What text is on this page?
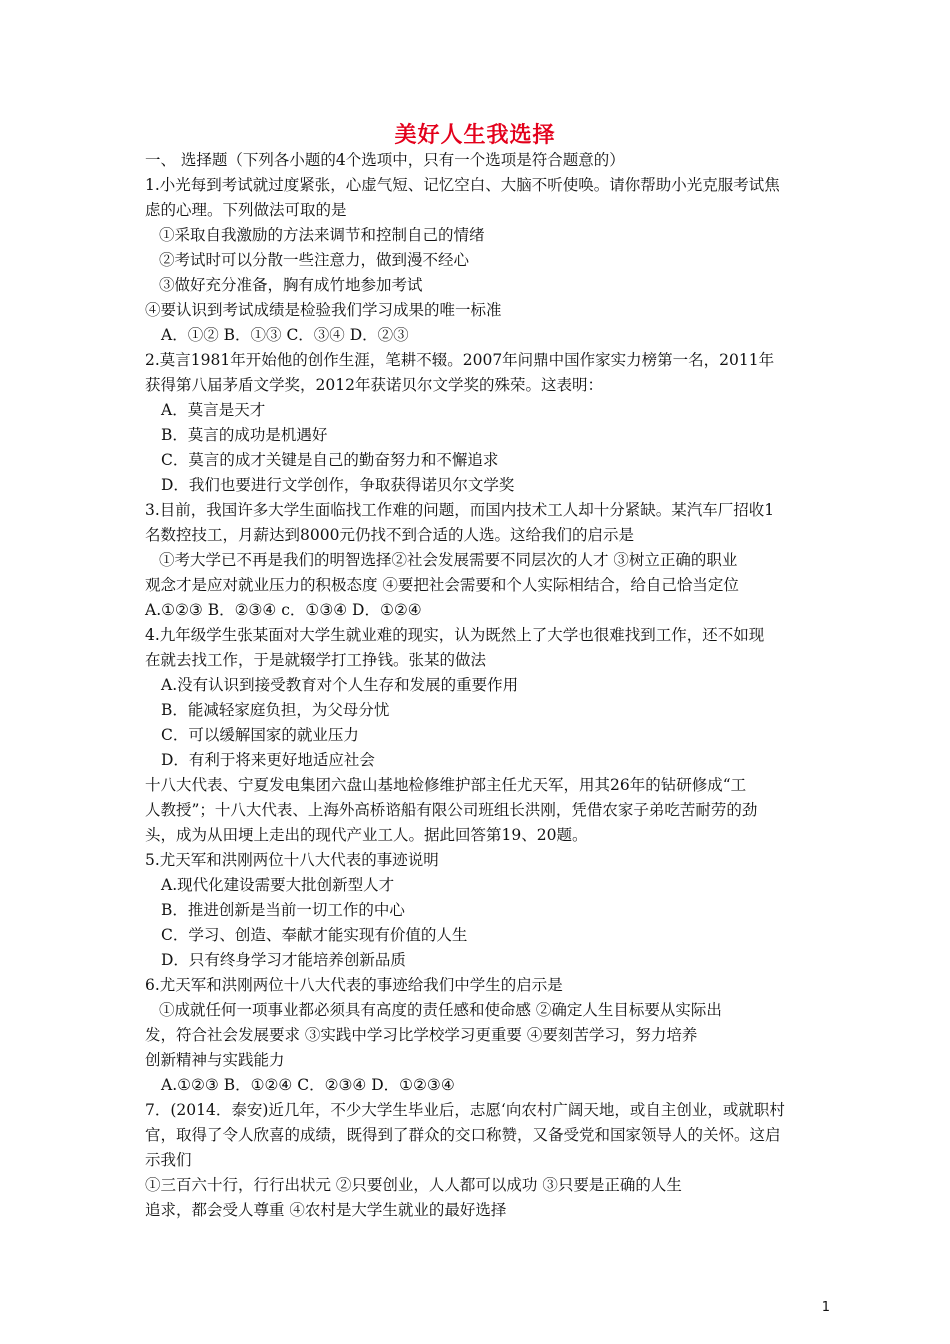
美好人生我选择
一、 选择题（下列各小题的4个选项中，只有一个选项是符合题意的）
1.小光每到考试就过度紧张，心虚气短、记忆空白、大脑不听使唤。请你帮助小光克服考试焦
虑的心理。下列做法可取的是
①采取自我激励的方法来调节和控制自己的情绪
②考试时可以分散一些注意力，做到漫不经心
③做好充分准备，胸有成竹地参加考试
④要认识到考试成绩是检验我们学习成果的唯一标准
A．①② B．①③ C．③④ D．②③
2.莫言1981年开始他的创作生涯，笔耕不辍。2007年问鼎中国作家实力榜第一名，2011年
获得第八届茅盾文学奖，2012年获诺贝尔文学奖的殊荣。这表明：
A．莫言是天才
B．莫言的成功是机遇好
C．莫言的成才关键是自己的勤奋努力和不懈追求
D．我们也要进行文学创作，争取获得诺贝尔文学奖
3.目前，我国许多大学生面临找工作难的问题，而国内技术工人却十分紧缺。某汽车厂招收1
名数控技工，月薪达到8000元仍找不到合适的人选。这给我们的启示是
①考大学已不再是我们的明智选择②社会发展需要不同层次的人才 ③树立正确的职业
观念才是应对就业压力的积极态度 ④要把社会需要和个人实际相结合，给自己恰当定位
A.①②③ B．②③④ c．①③④ D．①②④
4.九年级学生张某面对大学生就业难的现实，认为既然上了大学也很难找到工作，还不如现
在就去找工作，于是就辍学打工挣钱。张某的做法
A.没有认识到接受教育对个人生存和发展的重要作用
B．能减轻家庭负担，为父母分忧
C．可以缓解国家的就业压力
D．有利于将来更好地适应社会
十八大代表、宁夏发电集团六盘山基地检修维护部主任尤天军，用其26年的钻研修成“工
人教授”；十八大代表、上海外高桥谘船有限公司班组长洪刚，凭借农家子弟吃苦耐劳的劲
头，成为从田埂上走出的现代产业工人。据此回答第19、20题。
5.尤天军和洪刚两位十八大代表的事迹说明
A.现代化建设需要大批创新型人才
B．推进创新是当前一切工作的中心
C．学习、创造、奉献才能实现有价值的人生
D．只有终身学习才能培养创新品质
6.尤天军和洪刚两位十八大代表的事迹给我们中学生的启示是
①成就任何一项事业都必须具有高度的责任感和使命感 ②确定人生目标要从实际出
发，符合社会发展要求 ③实践中学习比学校学习更重要 ④要刻苦学习，努力培养
创新精神与实践能力
A.①②③ B．①②④ C．②③④ D．①②③④
7．(2014．泰安)近几年，不少大学生毕业后，志愿‘向农村广阔天地，或自主创业，或就职村
官，取得了令人欣喜的成绩，既得到了群众的交口称赞，又备受党和国家领导人的关怀。这启
示我们
①三百六十行，行行出状元 ②只要创业，人人都可以成功 ③只要是正确的人生
追求，都会受人尊重 ④农村是大学生就业的最好选择
1
